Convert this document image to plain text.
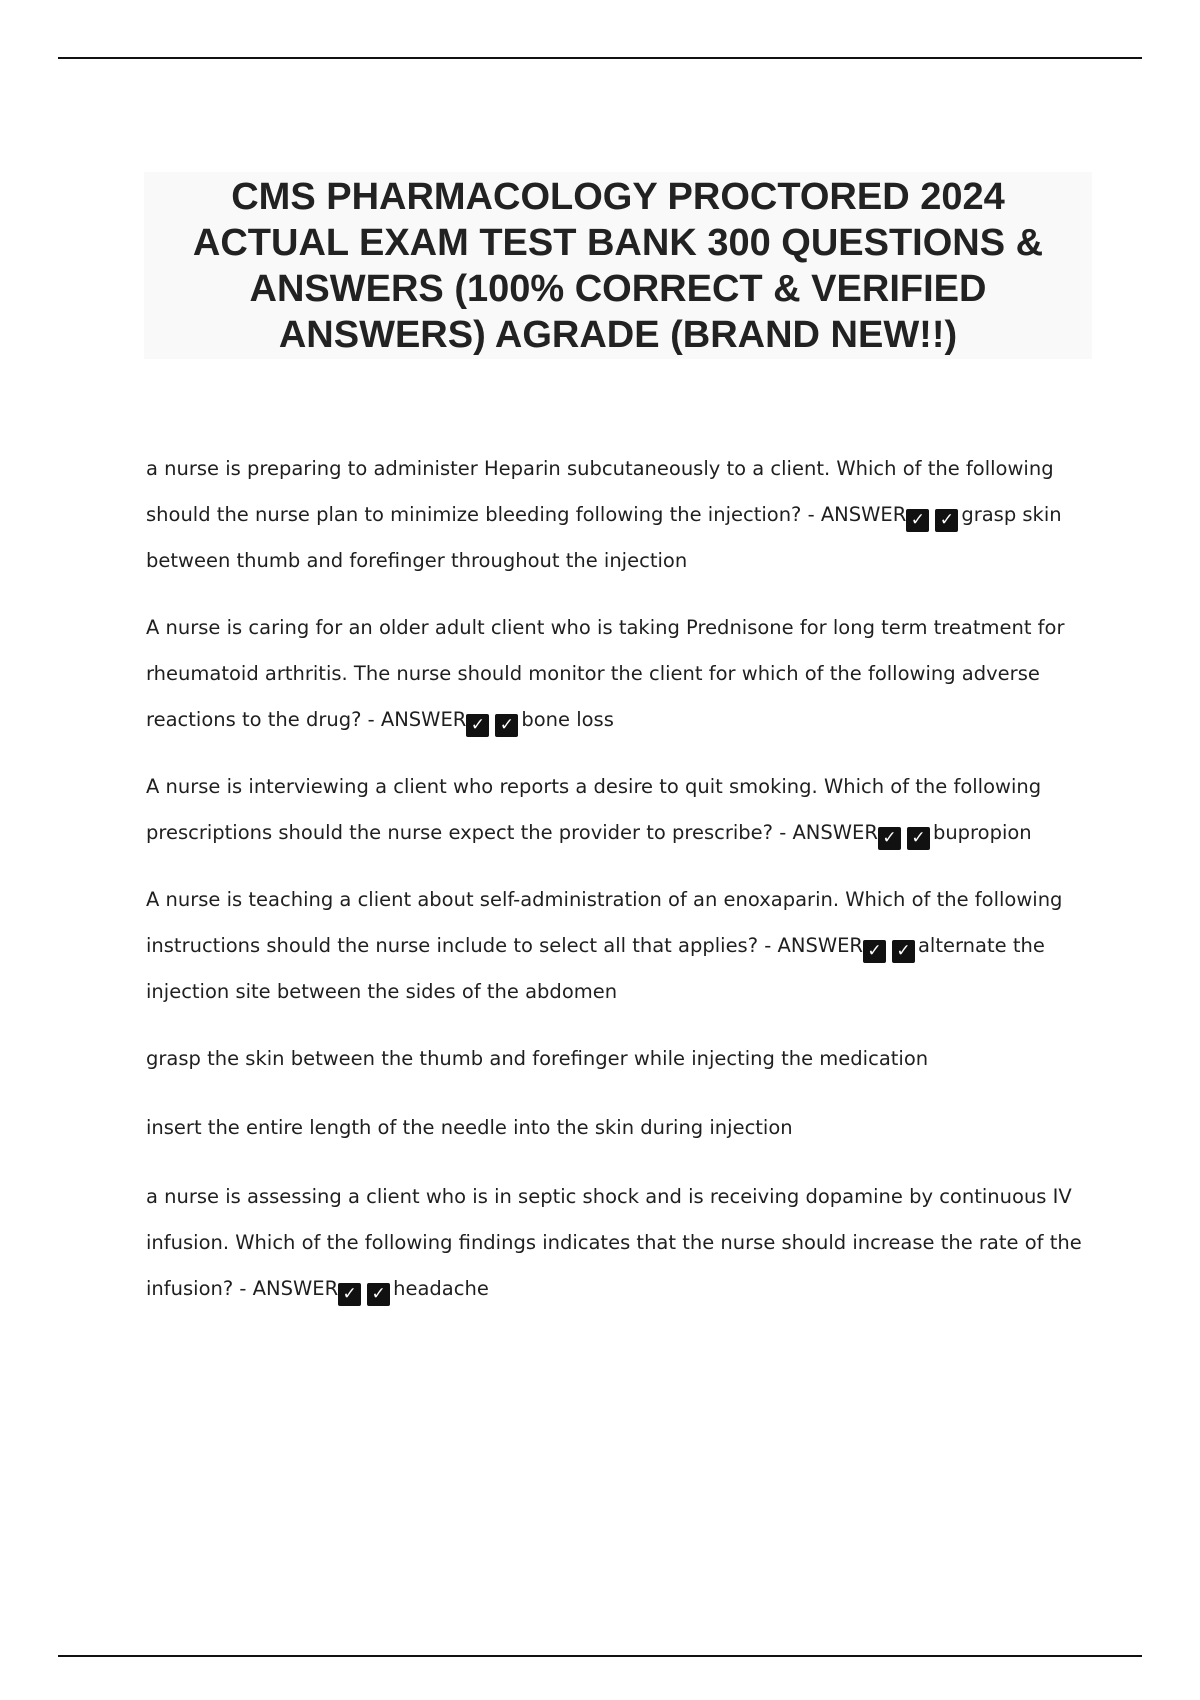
CMS PHARMACOLOGY PROCTORED 2024
ACTUAL EXAM TEST BANK 300 QUESTIONS &
ANSWERS (100% CORRECT & VERIFIED
ANSWERS) AGRADE (BRAND NEW!!)

a nurse is preparing to administer Heparin subcutaneously to a client. Which of the following
should the nurse plan to minimize bleeding following the injection? - ANSWER ✓ ✓ grasp skin
between thumb and forefinger throughout the injection

A nurse is caring for an older adult client who is taking Prednisone for long term treatment for
rheumatoid arthritis. The nurse should monitor the client for which of the following adverse
reactions to the drug? - ANSWER ✓ ✓ bone loss

A nurse is interviewing a client who reports a desire to quit smoking. Which of the following
prescriptions should the nurse expect the provider to prescribe? - ANSWER ✓ ✓ bupropion

A nurse is teaching a client about self-administration of an enoxaparin. Which of the following
instructions should the nurse include to select all that applies? - ANSWER ✓ ✓ alternate the
injection site between the sides of the abdomen

grasp the skin between the thumb and forefinger while injecting the medication

insert the entire length of the needle into the skin during injection

a nurse is assessing a client who is in septic shock and is receiving dopamine by continuous IV
infusion. Which of the following findings indicates that the nurse should increase the rate of the
infusion? - ANSWER ✓ ✓ headache
